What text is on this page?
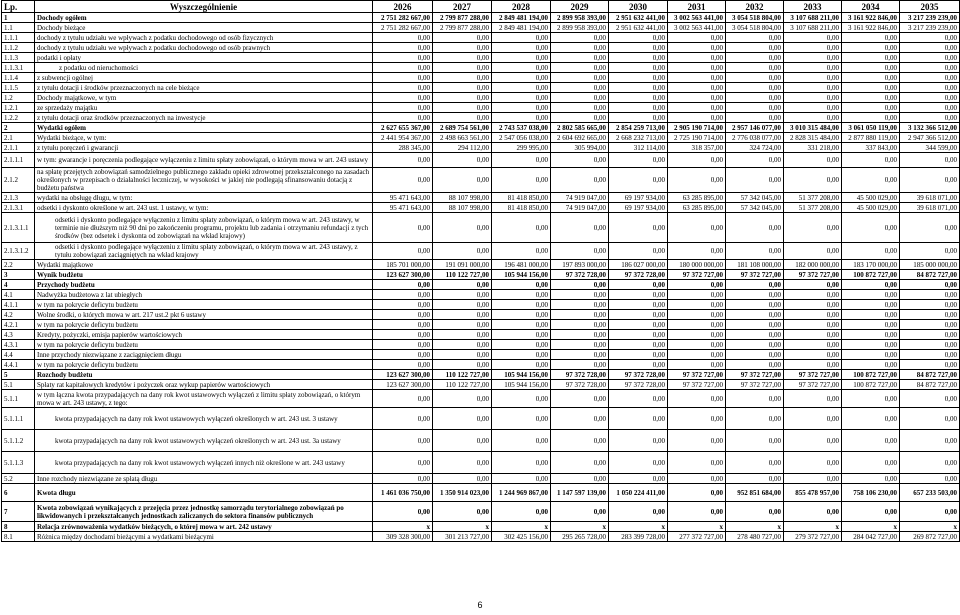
Lp.	Wyszczególnienie	2026	2027	2028	2029	2030	2031	2032	2033	2034	2035
1	Dochody ogółem	2 751 282 667,00	2 799 877 288,00	2 849 481 194,00	2 899 958 393,00	2 951 632 441,00	3 002 563 441,00	3 054 518 804,00	3 107 688 211,00	3 161 922 846,00	3 217 239 239,00
1.1	Dochody bieżące	2 751 282 667,00	2 799 877 288,00	2 849 481 194,00	2 899 958 393,00	2 951 632 441,00	3 002 563 441,00	3 054 518 804,00	3 107 688 211,00	3 161 922 846,00	3 217 239 239,00
1.1.1	dochody z tytułu udziału we wpływach z podatku dochodowego od osób fizycznych	0,00	0,00	0,00	0,00	0,00	0,00	0,00	0,00	0,00	0,00
1.1.2	dochody z tytułu udziału we wpływach z podatku dochodowego od osób prawnych	0,00	0,00	0,00	0,00	0,00	0,00	0,00	0,00	0,00	0,00
1.1.3	podatki i opłaty	0,00	0,00	0,00	0,00	0,00	0,00	0,00	0,00	0,00	0,00
1.1.3.1	z podatku od nieruchomości	0,00	0,00	0,00	0,00	0,00	0,00	0,00	0,00	0,00	0,00
1.1.4	z subwencji ogólnej	0,00	0,00	0,00	0,00	0,00	0,00	0,00	0,00	0,00	0,00
1.1.5	z tytułu dotacji i środków przeznaczonych na cele bieżące	0,00	0,00	0,00	0,00	0,00	0,00	0,00	0,00	0,00	0,00
1.2	Dochody majątkowe, w tym	0,00	0,00	0,00	0,00	0,00	0,00	0,00	0,00	0,00	0,00
1.2.1	ze sprzedaży majątku	0,00	0,00	0,00	0,00	0,00	0,00	0,00	0,00	0,00	0,00
1.2.2	z tytułu dotacji oraz środków przeznaczonych na inwestycje	0,00	0,00	0,00	0,00	0,00	0,00	0,00	0,00	0,00	0,00
2	Wydatki ogółem	2 627 655 367,00	2 689 754 561,00	2 743 537 038,00	2 802 585 665,00	2 854 259 713,00	2 905 190 714,00	2 957 146 077,00	3 010 315 484,00	3 061 050 119,00	3 132 366 512,00
2.1	Wydatki bieżące, w tym:	2 441 954 367,00	2 498 663 561,00	2 547 056 038,00	2 604 692 665,00	2 668 232 713,00	2 725 190 714,00	2 776 038 077,00	2 828 315 484,00	2 877 880 119,00	2 947 366 512,00
2.1.1	z tytułu poręczeń i gwarancji	288 345,00	294 112,00	299 995,00	305 994,00	312 114,00	318 357,00	324 724,00	331 218,00	337 843,00	344 599,00
2.1.1.1	w tym: gwarancje i poręczenia podlegające wyłączeniu z limitu spłaty zobowiązań, o którym mowa w art. 243 ustawy	0,00	0,00	0,00	0,00	0,00	0,00	0,00	0,00	0,00	0,00
2.1.2	na spłatę przejętych zobowiązań samodzielnego publicznego zakładu opieki zdrowotnej przekształconego na zasadach określonych w przepisach o działalności leczniczej, w wysokości w jakiej nie podlegają sfinansowaniu dotacją z budżetu państwa	0,00	0,00	0,00	0,00	0,00	0,00	0,00	0,00	0,00	0,00
2.1.3	wydatki na obsługę długu, w tym:	95 471 643,00	88 107 998,00	81 418 850,00	74 919 047,00	69 197 934,00	63 285 895,00	57 342 045,00	51 377 208,00	45 500 029,00	39 618 071,00
2.1.3.1	odsetki i dyskonto określone w art. 243 ust. 1 ustawy, w tym:	95 471 643,00	88 107 998,00	81 418 850,00	74 919 047,00	69 197 934,00	63 285 895,00	57 342 045,00	51 377 208,00	45 500 029,00	39 618 071,00
2.1.3.1.1	odsetki i dyskonto podlegające wyłączeniu z limitu spłaty zobowiązań, o którym mowa w art. 243 ustawy, w terminie nie dłuższym niż 90 dni po zakończeniu programu, projektu lub zadania i otrzymaniu refundacji z tych środków (bez odsetek i dyskonta od zobowiązań na wkład krajowy)	0,00	0,00	0,00	0,00	0,00	0,00	0,00	0,00	0,00	0,00
2.1.3.1.2	odsetki i dyskonto podlegające wyłączeniu z limitu spłaty zobowiązań, o którym mowa w art. 243 ustawy, z tytułu zobowiązań zaciągniętych na wkład krajowy	0,00	0,00	0,00	0,00	0,00	0,00	0,00	0,00	0,00	0,00
2.2	Wydatki majątkowe	185 701 000,00	191 091 000,00	196 481 000,00	197 893 000,00	186 027 000,00	180 000 000,00	181 108 000,00	182 000 000,00	183 170 000,00	185 000 000,00
3	Wynik budżetu	123 627 300,00	110 122 727,00	105 944 156,00	97 372 728,00	97 372 728,00	97 372 727,00	97 372 727,00	97 372 727,00	100 872 727,00	84 872 727,00
4	Przychody budżetu	0,00	0,00	0,00	0,00	0,00	0,00	0,00	0,00	0,00	0,00
4.1	Nadwyżka budżetowa z lat ubiegłych	0,00	0,00	0,00	0,00	0,00	0,00	0,00	0,00	0,00	0,00
4.1.1	w tym na pokrycie deficytu budżetu	0,00	0,00	0,00	0,00	0,00	0,00	0,00	0,00	0,00	0,00
4.2	Wolne środki, o których mowa w art. 217 ust.2 pkt 6 ustawy	0,00	0,00	0,00	0,00	0,00	0,00	0,00	0,00	0,00	0,00
4.2.1	w tym na pokrycie deficytu budżetu	0,00	0,00	0,00	0,00	0,00	0,00	0,00	0,00	0,00	0,00
4.3	Kredyty, pożyczki, emisja papierów wartościowych	0,00	0,00	0,00	0,00	0,00	0,00	0,00	0,00	0,00	0,00
4.3.1	w tym na pokrycie deficytu budżetu	0,00	0,00	0,00	0,00	0,00	0,00	0,00	0,00	0,00	0,00
4.4	Inne przychody niezwiązane z zaciągnięciem długu	0,00	0,00	0,00	0,00	0,00	0,00	0,00	0,00	0,00	0,00
4.4.1	w tym na pokrycie deficytu budżetu	0,00	0,00	0,00	0,00	0,00	0,00	0,00	0,00	0,00	0,00
5	Rozchody budżetu	123 627 300,00	110 122 727,00	105 944 156,00	97 372 728,00	97 372 728,00	97 372 727,00	97 372 727,00	97 372 727,00	100 872 727,00	84 872 727,00
5.1	Spłaty rat kapitałowych kredytów i pożyczek oraz wykup papierów wartościowych	123 627 300,00	110 122 727,00	105 944 156,00	97 372 728,00	97 372 728,00	97 372 727,00	97 372 727,00	97 372 727,00	100 872 727,00	84 872 727,00
5.1.1	w tym łączna kwota przypadających na dany rok kwot ustawowych wyłączeń z limitu spłaty zobowiązań, o którym mowa w art. 243 ustawy, z tego:	0,00	0,00	0,00	0,00	0,00	0,00	0,00	0,00	0,00	0,00
5.1.1.1	kwota przypadających na dany rok kwot ustawowych wyłączeń określonych w art. 243 ust. 3 ustawy	0,00	0,00	0,00	0,00	0,00	0,00	0,00	0,00	0,00	0,00
5.1.1.2	kwota przypadających na dany rok kwot ustawowych wyłączeń określonych w art. 243 ust. 3a ustawy	0,00	0,00	0,00	0,00	0,00	0,00	0,00	0,00	0,00	0,00
5.1.1.3	kwota przypadających na dany rok kwot ustawowych wyłączeń innych niż określone w art. 243 ustawy	0,00	0,00	0,00	0,00	0,00	0,00	0,00	0,00	0,00	0,00
5.2	Inne rozchody niezwiązane ze spłatą długu	0,00	0,00	0,00	0,00	0,00	0,00	0,00	0,00	0,00	0,00
6	Kwota długu	1 461 036 750,00	1 350 914 023,00	1 244 969 867,00	1 147 597 139,00	1 050 224 411,00	0,00	952 851 684,00	855 478 957,00	758 106 230,00	657 233 503,00
7	Kwota zobowiązań wynikających z przejęcia przez jednostkę samorządu terytorialnego zobowiązań po likwidowanych i przekształcanych jednostkach zaliczanych do sektora finansów publicznych	0,00	0,00	0,00	0,00	0,00	0,00	0,00	0,00	0,00	0,00
8	Relacja zrównoważenia wydatków bieżących, o której mowa w art. 242 ustawy	x	x	x	x	x	x	x	x	x	x
8.1	Różnica między dochodami bieżącymi a wydatkami bieżącymi	309 328 300,00	301 213 727,00	302 425 156,00	295 265 728,00	283 399 728,00	277 372 727,00	278 480 727,00	279 372 727,00	284 042 727,00	269 872 727,00
6
